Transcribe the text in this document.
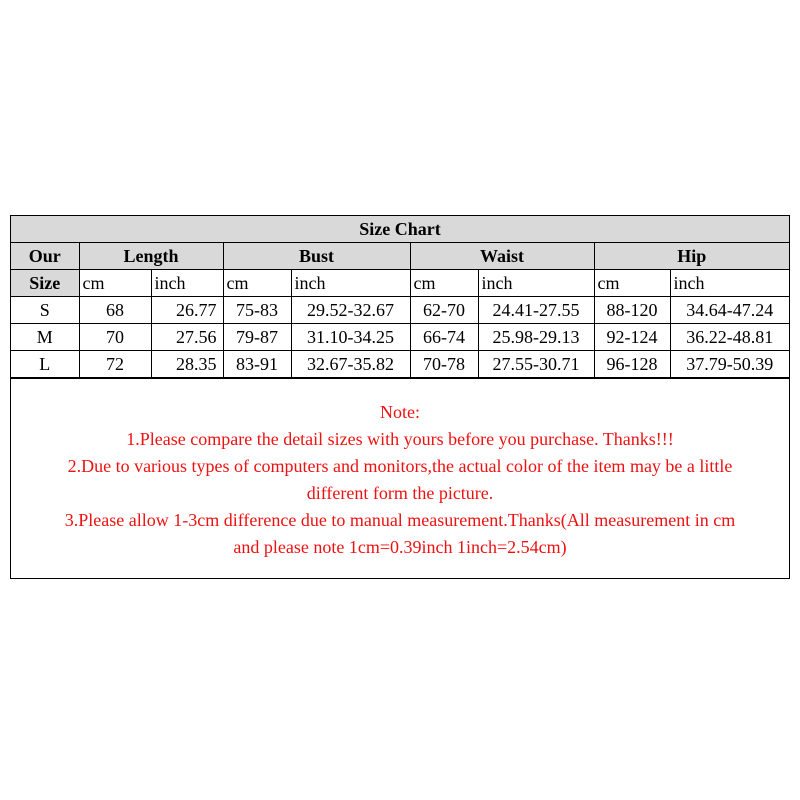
Size Chart								
Our	Length		Bust		Waist		Hip	
Size	cm	inch	cm	inch	cm	inch	cm	inch
S	68	26.77	75-83	29.52-32.67	62-70	24.41-27.55	88-120	34.64-47.24
M	70	27.56	79-87	31.10-34.25	66-74	25.98-29.13	92-124	36.22-48.81
L	72	28.35	83-91	32.67-35.82	70-78	27.55-30.71	96-128	37.79-50.39
Note:
1.Please compare the detail sizes with yours before you purchase. Thanks!!!
2.Due to various types of computers and monitors,the actual color of the item may be a little
different form the picture.
3.Please allow 1-3cm difference due to manual measurement.Thanks(All measurement in cm
and please note 1cm=0.39inch 1inch=2.54cm)
